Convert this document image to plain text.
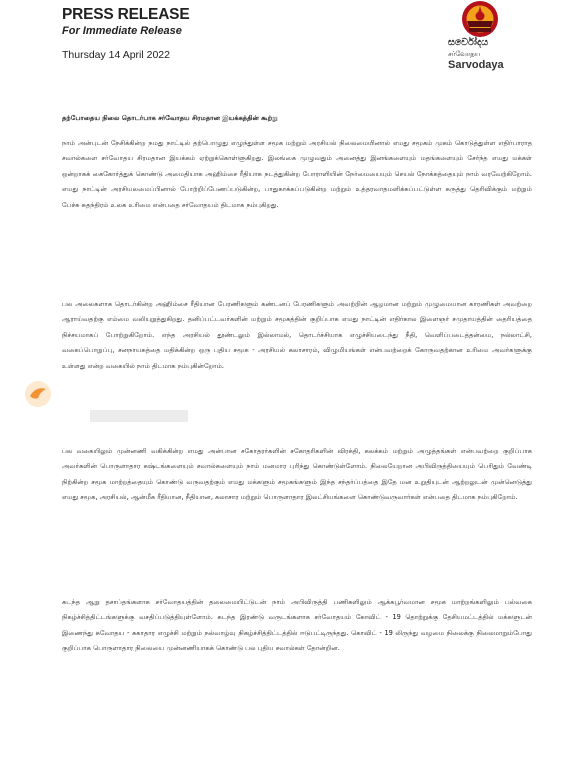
PRESS RELEASE
For Immediate Release
Thursday 14 April 2022
සර්වෝදය
சர்வோதய
Sarvodaya
தற்போதைய நிலை தொடர்பாக சர்வோதய சிரமதான இயக்கத்தின் கூற்று
நாம் அன்புடன் நேசிக்கின்ற நமது நாட்டில் தற்பொழுது எழுந்துள்ள சமூக மற்றும் அரசியல் நிலைமையினால் எமது சமூகம் முகம் கொடுத்துள்ள எதிர்பாராத சவால்களை சர்வோதய சிரமதான இயக்கம் ஏற்றுக்கொள்ளுகிறது. இலங்கை முழுவதும் அனைத்து இனங்களையும் மதங்களையும் சேர்ந்த எமது மக்கள் ஒன்றாகக் கைகோர்த்துக் கொண்டு அமைதியாக அஹிம்சை ரீதியாக நடத்துகின்ற போராளியின் நேர்மையையும் செயல் நோக்கத்தையும் நாம் வரவேற்கிறோம். எமது நாட்டின் அரசியலமைப்பினால் போற்றிப்பேணப்படுகின்ற, பாதுகாக்கப்படுகின்ற மற்றும் உத்தரவாதமளிக்கப்பட்டுள்ள கருத்து தெரிவிக்கும் மற்றும் பேச்சு சுதந்திரம் உலக உரிமை என்பதை சர்வோதயம் திடமாக நம்புகிறது.
பல அலைகளாக தொடர்கின்ற அஹிம்சை ரீதியான பேரணிகளும் கண்டனப் பேரணிகளும் அவற்றின் ஆழமான மற்றும் முழுமையான காரணிகள் அவற்றை ஆராய்வதற்கு எம்மை வலியுறுத்துகிறது. தனிப்பட்டவர்களின் மற்றும் சமூகத்தின் குறிப்பாக எமது நாட்டின் எதிர்கால இளைஞர் சமுதாயத்தின் தைரியத்தை நிச்சயமாகப் போற்றுகிறோம். எந்த அரசியல் தூண்டலும் இல்லாமல், தொடர்ச்சியாக எழுச்சியடைந்து நீதி, வெளிப்படைத்தன்மை, நல்லாட்சி, வகைப்பொறுப்பு, சனநாயகத்தை மதிக்கின்ற ஒரு புதிய சமூக - அரசியல் கலாசாரம், விழுமியங்கள் என்பவற்றைக் கோருவதற்கான உரிமை அவர்களுக்கு உள்ளது என்ற வகையில் நாம் திடமாக நம்புகின்றோம்.
பல வகையிலும் முன்னணி வகிக்கின்ற எமது அன்பான சகோதரர்களின் சகோதரிகளின் விரக்தி, கலக்கம் மற்றும் அழுத்தங்கள் என்பவற்றை குறிப்பாக அவர்களின் பொருளாதார கஷ்டங்களையும் சவால்களையும் நாம் மனமார புரிந்து கொண்டுள்ளோம். நிலையேறான அபிவிருத்தியையும் பெரிதும் வேண்டி நிற்கின்ற சமூக மாற்றத்தையும் கொண்டு வருவதற்கும் எமது மக்களும் சமூகங்களும் இந்த சந்தர்ப்பத்தை இதே மன உறுதியுடன் ஆற்றலுடன் முன்னெடுத்து எமது சமூக, அரசியல், ஆன்மீக ரீதியான, நீதியான, கலாசார மற்றும் பொருளாதார இலட்சியங்களை கொண்டுவருவார்கள் என்பதை திடமாக நம்புகிறோம்.
கடந்த ஆறு தசாப்தங்களாக சர்வோதயத்தின் தலைமையிட்டுடன் நாம் அபிவிருத்தி பணிகளிலும் ஆக்கபூர்வமான சமூக மாற்றங்களிலும் பல்வகை நிகழ்ச்சித்திட்டங்களுக்கு வசதிப்படுத்தியுள்ளோம். கடந்த இரண்டு வருடங்களாக சர்வோதயம் கோவிட் - 19 தொற்றுக்கு தேசியமட்டத்தில் மக்களுடன் இணைந்து சுவோதய - சுகாதார எழுச்சி மற்றும் நல்வாழ்வு நிகழ்ச்சித்திட்டத்தில் ஈடுபட்டிருந்தது. கொவிட் - 19 லிருந்து வழமை நிலைக்கு நிலைமாறும்போது குறிப்பாக பொருளாதார நிலையை முன்னணியாகக் கொண்டு பல புதிய சவால்கள் தோன்றின.
